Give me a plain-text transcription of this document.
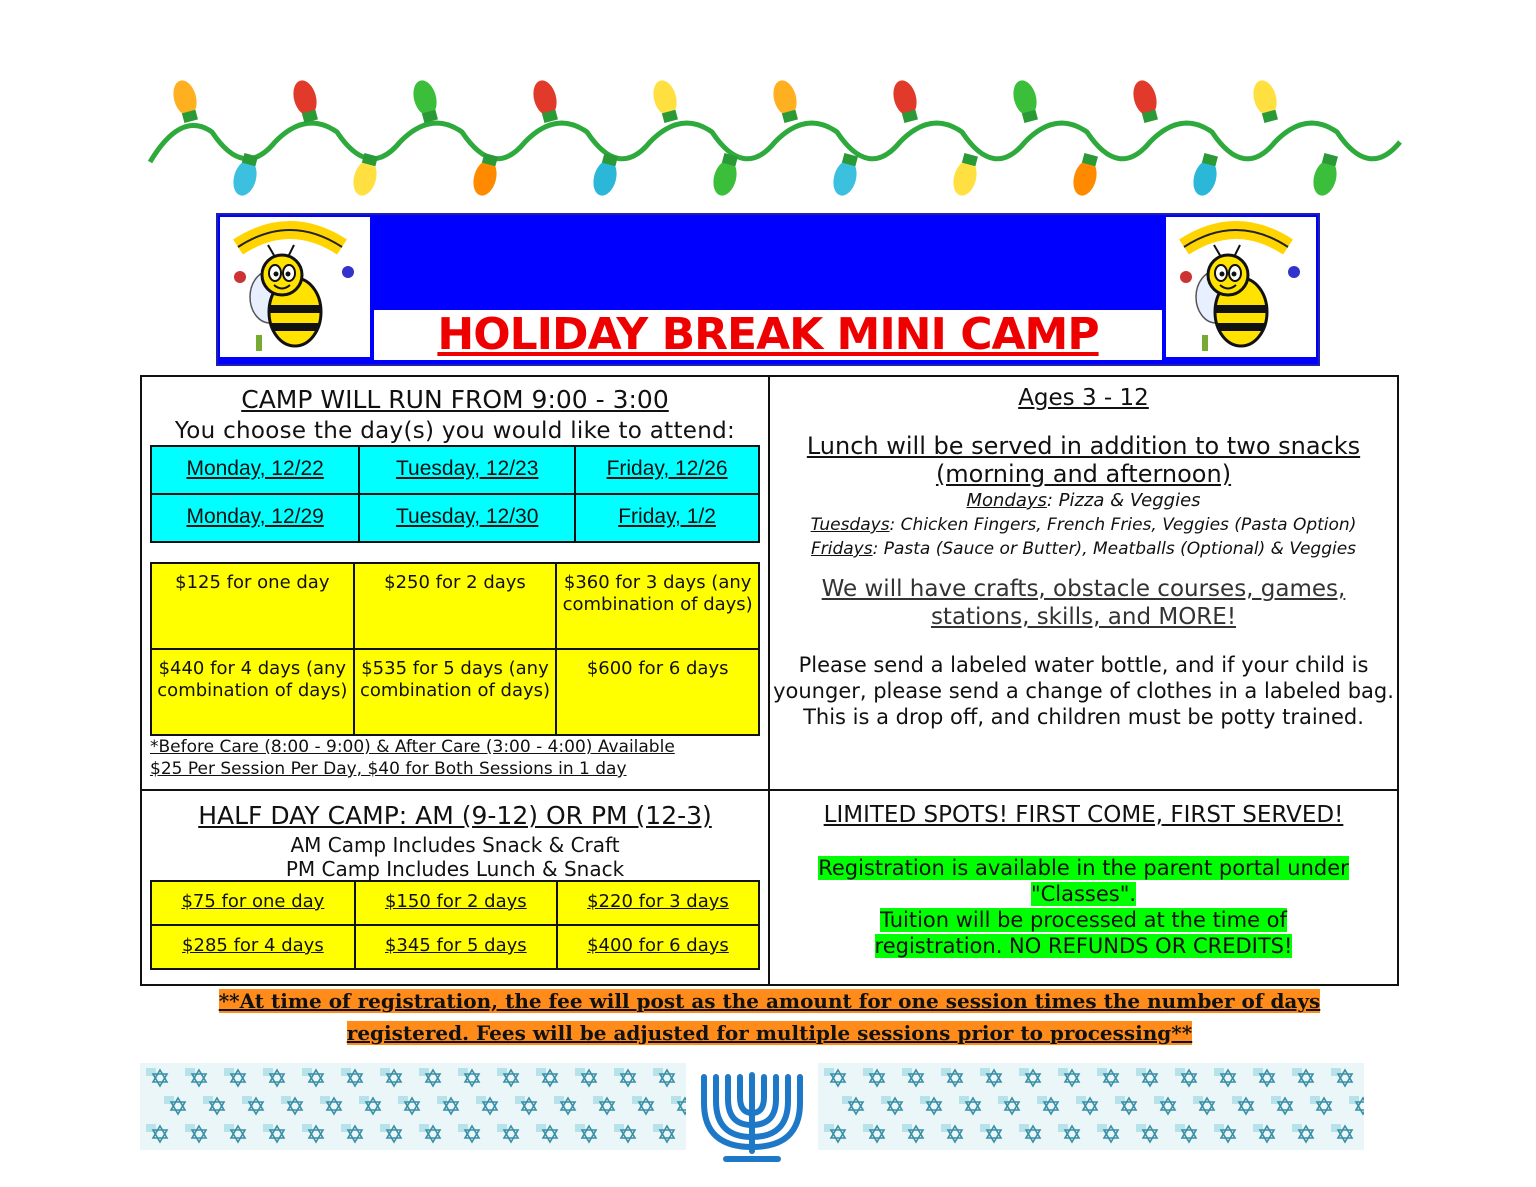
HOLIDAY BREAK MINI CAMP
CAMP WILL RUN FROM 9:00 - 3:00
You choose the day(s) you would like to attend:
Monday, 12/22	Tuesday, 12/23	Friday, 12/26
Monday, 12/29	Tuesday, 12/30	Friday, 1/2
$125 for one day	$250 for 2 days	$360 for 3 days (any combination of days)
$440 for 4 days (any combination of days)	$535 for 5 days (any combination of days)	$600 for 6 days
*Before Care (8:00 - 9:00) & After Care (3:00 - 4:00) Available
$25 Per Session Per Day, $40 for Both Sessions in 1 day
Ages 3 - 12
Lunch will be served in addition to two snacks (morning and afternoon)
Mondays: Pizza & Veggies
Tuesdays: Chicken Fingers, French Fries, Veggies (Pasta Option)
Fridays: Pasta (Sauce or Butter), Meatballs (Optional) & Veggies
We will have crafts, obstacle courses, games, stations, skills, and MORE!
Please send a labeled water bottle, and if your child is younger, please send a change of clothes in a labeled bag.
This is a drop off, and children must be potty trained.
HALF DAY CAMP: AM (9-12) OR PM (12-3)
AM Camp Includes Snack & Craft
PM Camp Includes Lunch & Snack
$75 for one day	$150 for 2 days	$220 for 3 days
$285 for 4 days	$345 for 5 days	$400 for 6 days
LIMITED SPOTS! FIRST COME, FIRST SERVED!
Registration is available in the parent portal under "Classes".
Tuition will be processed at the time of registration. NO REFUNDS OR CREDITS!
**At time of registration, the fee will post as the amount for one session times the number of days
registered. Fees will be adjusted for multiple sessions prior to processing**
